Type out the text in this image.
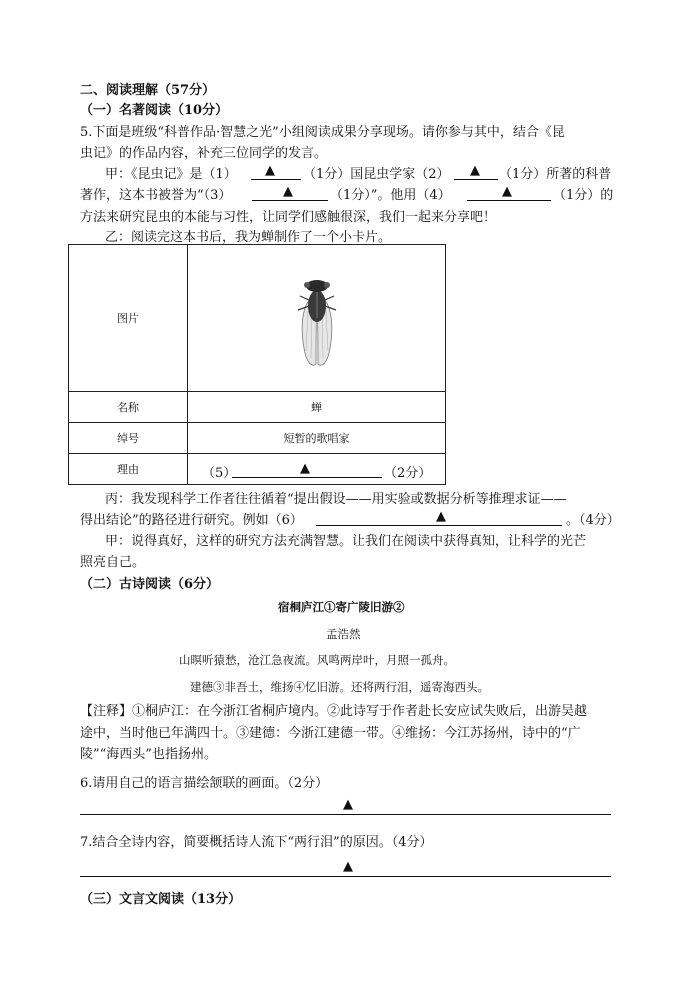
二、阅读理解（57分）
（一）名著阅读（10分）
5.下面是班级“科普作品·智慧之光”小组阅读成果分享现场。请你参与其中，结合《昆
虫记》的作品内容，补充三位同学的发言。
甲：《昆虫记》是（1） ▲ （1分）国昆虫学家（2） ▲ （1分）所著的科普
著作，这本书被誉为“（3）	▲	（1分）”。他用（4）	▲	（1分）的
方法来研究昆虫的本能与习性，让同学们感触很深，我们一起来分享吧！
乙：阅读完这本书后，我为蝉制作了一个小卡片。
图片	

名称	蝉
绰号	短暂的歌唱家
理由	（5） ▲ （2分）
丙：我发现科学工作者往往循着“提出假设——用实验或数据分析等推理求证——
得出结论”的路径进行研究。例如（6）	▲	。（4分）
甲：说得真好，这样的研究方法充满智慧。让我们在阅读中获得真知，让科学的光芒
照亮自己。
（二）古诗阅读（6分）
宿桐庐江①寄广陵旧游②
孟浩然
山暝听猿愁，沧江急夜流。风鸣两岸叶，月照一孤舟。
建德③非吾土，维扬④忆旧游。还将两行泪，遥寄海西头。
【注释】①桐庐江：在今浙江省桐庐境内。②此诗写于作者赴长安应试失败后，出游吴越
途中，当时他已年满四十。③建德：今浙江建德一带。④维扬：今江苏扬州，诗中的“广
陵”“海西头”也指扬州。
6.请用自己的语言描绘颔联的画面。（2分）
▲
7.结合全诗内容，简要概括诗人流下“两行泪”的原因。（4分）
▲
（三）文言文阅读（13分）
